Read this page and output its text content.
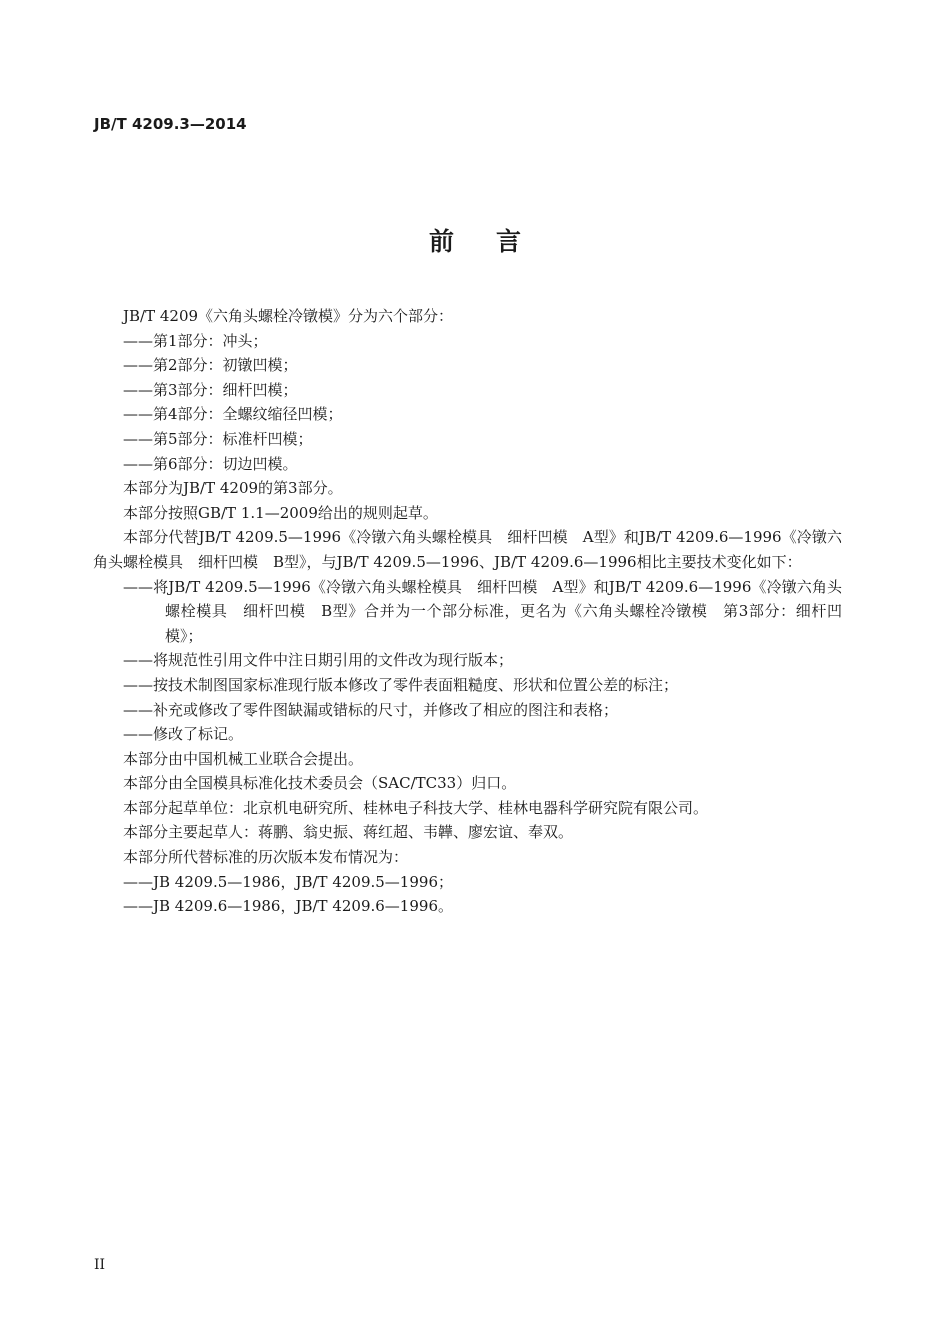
JB/T 4209.3—2014

前言

JB/T 4209《六角头螺栓冷镦模》分为六个部分：

——第1部分：冲头；

——第2部分：初镦凹模；

——第3部分：细杆凹模；

——第4部分：全螺纹缩径凹模；

——第5部分：标准杆凹模；

——第6部分：切边凹模。

本部分为JB/T 4209的第3部分。

本部分按照GB/T 1.1—2009给出的规则起草。

本部分代替JB/T 4209.5—1996《冷镦六角头螺栓模具　细杆凹模　A型》和JB/T 4209.6—1996《冷镦六角头螺栓模具　细杆凹模　B型》，与JB/T 4209.5—1996、JB/T 4209.6—1996相比主要技术变化如下：

——将JB/T 4209.5—1996《冷镦六角头螺栓模具　细杆凹模　A型》和JB/T 4209.6—1996《冷镦六角头螺栓模具　细杆凹模　B型》合并为一个部分标准，更名为《六角头螺栓冷镦模　第3部分：细杆凹模》；

——将规范性引用文件中注日期引用的文件改为现行版本；

——按技术制图国家标准现行版本修改了零件表面粗糙度、形状和位置公差的标注；

——补充或修改了零件图缺漏或错标的尺寸，并修改了相应的图注和表格；

——修改了标记。

本部分由中国机械工业联合会提出。

本部分由全国模具标准化技术委员会（SAC/TC33）归口。

本部分起草单位：北京机电研究所、桂林电子科技大学、桂林电器科学研究院有限公司。

本部分主要起草人：蒋鹏、翁史振、蒋红超、韦韡、廖宏谊、奉双。

本部分所代替标准的历次版本发布情况为：

——JB 4209.5—1986，JB/T 4209.5—1996；

——JB 4209.6—1986，JB/T 4209.6—1996。

II
